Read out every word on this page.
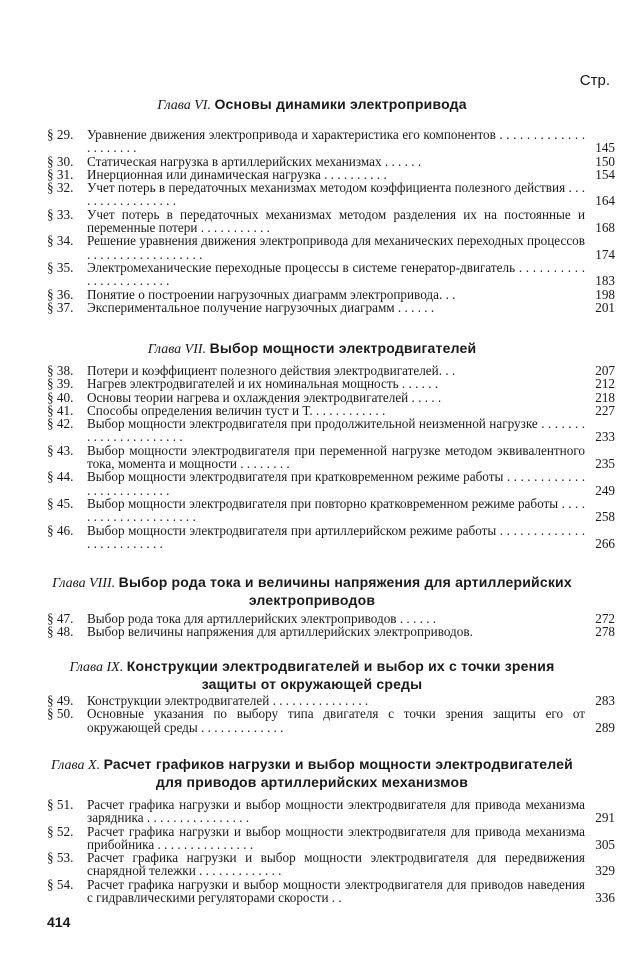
Стр.
Глава VI. Основы динамики электропривода
§ 29. Уравнение движения электропривода и характеристика его компонентов . . . . . . . . . . . . . . . . . . . . .	145
§ 30. Статическая нагрузка в артиллерийских механизмах . . . . . .	150
§ 31. Инерционная или динамическая нагрузка . . . . . . . . . .	154
§ 32. Учет потерь в передаточных механизмах методом коэффициента полезного действия . . . . . . . . . . . . . . . . .	164
§ 33. Учет потерь в передаточных механизмах методом разделения их на постоянные и переменные потери . . . . . . . . . . .	168
§ 34. Решение уравнения движения электропривода для механических переходных процессов . . . . . . . . . . . . . . . . . .	174
§ 35. Электромеханические переходные процессы в системе генератор-двигатель . . . . . . . . . . . . . . . . . . . . . . .	183
§ 36. Понятие о построении нагрузочных диаграмм электропривода. . .	198
§ 37. Экспериментальное получение нагрузочных диаграмм . . . . . .	201
Глава VII. Выбор мощности электродвигателей
§ 38. Потери и коэффициент полезного действия электродвигателей. . .	207
§ 39. Нагрев электродвигателей и их номинальная мощность . . . . . .	212
§ 40. Основы теории нагрева и охлаждения электродвигателей . . . . .	218
§ 41. Способы определения величин τуст и T. . . . . . . . . . . .	227
§ 42. Выбор мощности электродвигателя при продолжительной неизменной нагрузке . . . . . . . . . . . . . . . . . . . . . .	233
§ 43. Выбор мощности электродвигателя при переменной нагрузке методом эквивалентного тока, момента и мощности . . . . . . . .	235
§ 44. Выбор мощности электродвигателя при кратковременном режиме работы . . . . . . . . . . . . . . . . . . . . . . . . .	249
§ 45. Выбор мощности электродвигателя при повторно кратковременном режиме работы . . . . . . . . . . . . . . . . . . . . .	258
§ 46. Выбор мощности электродвигателя при артиллерийском режиме работы . . . . . . . . . . . . . . . . . . . . . . . . .	266
Глава VIII. Выбор рода тока и величины напряжения для артиллерийских электроприводов
§ 47. Выбор рода тока для артиллерийских электроприводов . . . . . .	272
§ 48. Выбор величины напряжения для артиллерийских электроприводов.	278
Глава IX. Конструкции электродвигателей и выбор их с точки зрения защиты от окружающей среды
§ 49. Конструкции электродвигателей . . . . . . . . . . . . . . .	283
§ 50. Основные указания по выбору типа двигателя с точки зрения защиты его от окружающей среды . . . . . . . . . . . . .	289
Глава X. Расчет графиков нагрузки и выбор мощности электродвигателей для приводов артиллерийских механизмов
§ 51. Расчет графика нагрузки и выбор мощности электродвигателя для привода механизма зарядника . . . . . . . . . . . . . . . .	291
§ 52. Расчет графика нагрузки и выбор мощности электродвигателя для привода механизма прибойника . . . . . . . . . . . . . . .	305
§ 53. Расчет графика нагрузки и выбор мощности электродвигателя для передвижения снарядной тележки . . . . . . . . . . . . .	329
§ 54. Расчет графика нагрузки и выбор мощности электродвигателя для приводов наведения с гидравлическими регуляторами скорости . .	336
414
